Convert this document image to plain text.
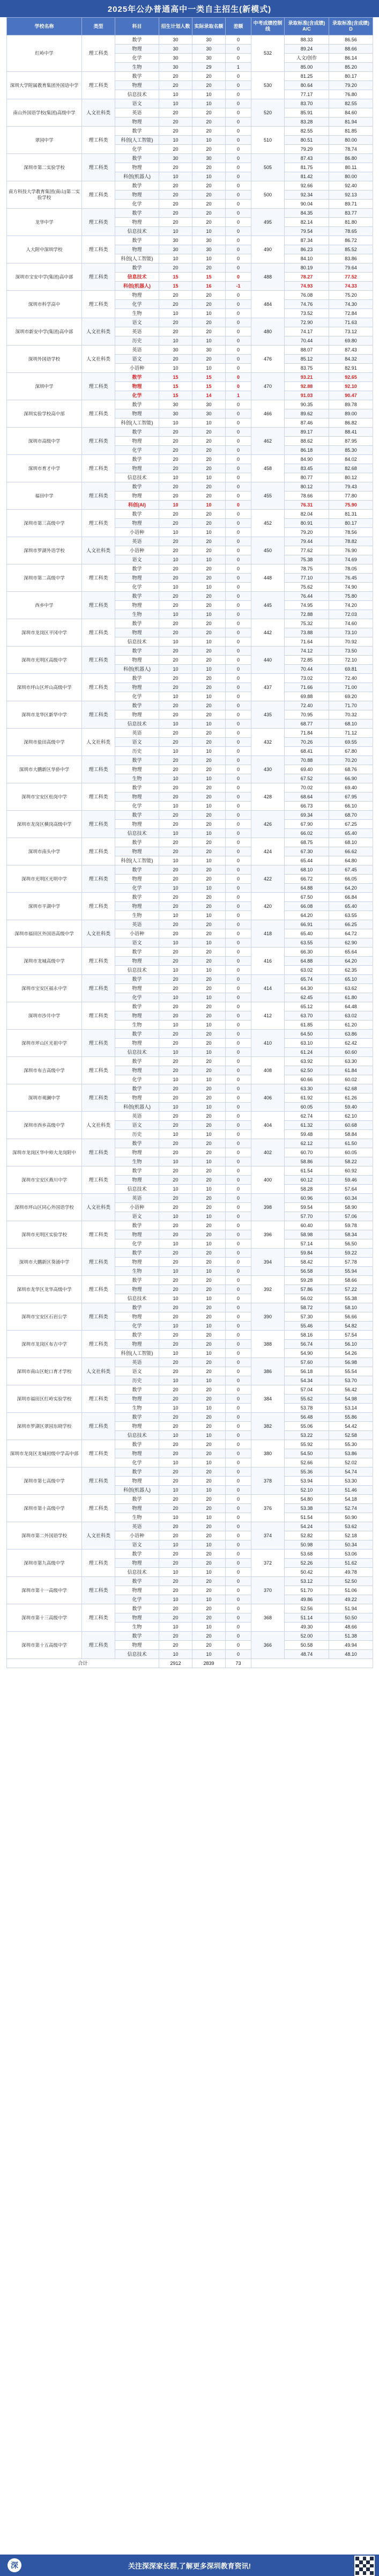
2025年公办普通高中一类自主招生(新模式)
学校名称	类型	科目	招生计划人数	实际录取名额	差额	中考成绩控制线	录取标准(含成绩) A/C	录取标准(含成绩) D
红岭中学	理工科类	数学	30	30	0	532	88.33	86.56
		物理	30	30	0		89.24	88.66
		化学	30	30	0		人文/创作	86.14
		生物	30	29	1		85.00	85.20
深圳大学附属教育集团外国语中学	理工科类	数学	20	20	0	530	81.25	80.17
		物理	20	20	0		80.64	79.20
		信息技术	10	10	0		77.17	76.80
南山外国语学校(集团)高级中学	人文社科类	语文	10	10	0	520	83.70	82.55
		英语	20	20	0		85.91	84.60
		物理	20	20	0		83.28	81.94
翠园中学	理工科类	数学	20	20	0	510	82.55	81.85
		科创(人工智能)	10	10	0		80.51	80.00
		化学	20	20	0		79.29	78.74
深圳市第二实验学校	理工科类	数学	30	30	0	505	87.43	86.80
		物理	20	20	0		81.75	80.11
		科创(机器人)	10	10	0		81.42	80.00
南方科技大学教育集团(南山)第二实验学校	理工科类	数学	20	20	0	500	92.66	92.40
		物理	20	20	0		92.34	92.13
		化学	20	20	0		90.04	89.71
龙华中学	理工科类	数学	20	20	0	495	84.35	83.77
		物理	20	20	0		82.14	81.80
		信息技术	10	10	0		79.54	78.65
人大附中深圳学校	理工科类	数学	30	30	0	490	87.34	86.72
		物理	30	30	0		86.23	85.52
		科创(人工智能)	10	10	0		84.10	83.86
深圳市宝安中学(集团)高中部	理工科类	数学	20	20	0	488	80.19	79.64
		信息技术	15	15	0		78.27	77.52
		科创(机器人)	15	16	-1		74.93	74.33
深圳市科学高中	理工科类	物理	20	20	0	484	76.08	75.20
		化学	20	20	0		74.76	74.30
		生物	10	10	0		73.52	72.84
深圳市新安中学(集团)高中部	人文社科类	语文	20	20	0	480	72.90	71.63
		英语	20	20	0		74.17	73.12
		历史	10	10	0		70.44	69.80
深圳外国语学校	人文社科类	英语	30	30	0	476	88.07	87.43
		语文	20	20	0		85.12	84.32
		小语种	10	10	0		83.75	82.91
深圳中学	理工科类	数学	15	15	0	470	93.21	92.65
		物理	15	15	0		92.88	92.10
		化学	15	14	1		91.03	90.47
深圳实验学校高中部	理工科类	数学	30	30	0	466	90.35	89.78
		物理	30	30	0		89.62	89.00
		科创(人工智能)	10	10	0		87.46	86.82
深圳市高级中学	理工科类	数学	20	20	0	462	89.17	88.41
		物理	20	20	0		88.62	87.95
		化学	20	20	0		86.18	85.30
深圳市育才中学	理工科类	数学	20	20	0	458	84.90	84.02
		物理	20	20	0		83.45	82.68
		信息技术	10	10	0		80.77	80.12
福田中学	理工科类	数学	20	20	0	455	80.12	79.43
		物理	20	20	0		78.66	77.80
		科创(AI)	10	10	0		76.31	75.90
深圳市第三高级中学	理工科类	数学	20	20	0	452	82.04	81.31
		物理	20	20	0		80.91	80.17
		小语种	10	10	0		79.20	78.56
深圳市罗湖外语学校	人文社科类	英语	20	20	0	450	79.44	78.82
		小语种	20	20	0		77.62	76.90
		语文	10	10	0		75.38	74.69
深圳市第二高级中学	理工科类	数学	20	20	0	448	78.75	78.05
		物理	20	20	0		77.10	76.45
		化学	10	10	0		75.62	74.90
西乡中学	理工科类	数学	20	20	0	445	76.44	75.80
		物理	20	20	0		74.95	74.20
		生物	10	10	0		72.88	72.03
深圳市龙岗区平冈中学	理工科类	数学	20	20	0	442	75.32	74.60
		物理	20	20	0		73.88	73.10
		信息技术	10	10	0		71.64	70.92
深圳市光明区高级中学	理工科类	数学	20	20	0	440	74.12	73.50
		物理	20	20	0		72.85	72.10
		科创(机器人)	10	10	0		70.44	69.81
深圳市坪山区坪山高级中学	理工科类	数学	20	20	0	437	73.02	72.40
		物理	20	20	0		71.66	71.00
		化学	10	10	0		69.88	69.20
深圳市龙华区新华中学	理工科类	数学	20	20	0	435	72.40	71.70
		物理	20	20	0		70.95	70.32
		信息技术	10	10	0		68.77	68.10
深圳市盐田高级中学	人文社科类	英语	20	20	0	432	71.84	71.12
		语文	20	20	0		70.26	69.55
		历史	10	10	0		68.41	67.80
深圳市大鹏新区华侨中学	理工科类	数学	20	20	0	430	70.88	70.20
		物理	20	20	0		69.40	68.76
		生物	10	10	0		67.52	66.90
深圳市宝安区松岗中学	理工科类	数学	20	20	0	428	70.02	69.40
		物理	20	20	0		68.64	67.95
		化学	10	10	0		66.73	66.10
深圳市龙岗区横岗高级中学	理工科类	数学	20	20	0	426	69.34	68.70
		物理	20	20	0		67.90	67.25
		信息技术	10	10	0		66.02	65.40
深圳市南头中学	理工科类	数学	20	20	0	424	68.75	68.10
		物理	20	20	0		67.30	66.62
		科创(人工智能)	10	10	0		65.44	64.80
深圳市光明区光明中学	理工科类	数学	20	20	0	422	68.10	67.45
		物理	20	20	0		66.72	66.05
		化学	10	10	0		64.88	64.20
深圳市平湖中学	理工科类	数学	20	20	0	420	67.50	66.84
		物理	20	20	0		66.08	65.40
		生物	10	10	0		64.20	63.55
深圳市福田区外国语高级中学	人文社科类	英语	20	20	0	418	66.91	66.25
		小语种	20	20	0		65.40	64.72
		语文	10	10	0		63.55	62.90
深圳市龙城高级中学	理工科类	数学	20	20	0	416	66.30	65.64
		物理	20	20	0		64.88	64.20
		信息技术	10	10	0		63.02	62.35
深圳市宝安区福永中学	理工科类	数学	20	20	0	414	65.74	65.10
		物理	20	20	0		64.30	63.62
		化学	10	10	0		62.45	61.80
深圳市沙井中学	理工科类	数学	20	20	0	412	65.12	64.48
		物理	20	20	0		63.70	63.02
		生物	10	10	0		61.85	61.20
深圳市坪山区光祖中学	理工科类	数学	20	20	0	410	64.50	63.86
		物理	20	20	0		63.10	62.42
		信息技术	10	10	0		61.24	60.60
深圳市布吉高级中学	理工科类	数学	20	20	0	408	63.92	63.30
		物理	20	20	0		62.50	61.84
		化学	10	10	0		60.66	60.02
深圳市观澜中学	理工科类	数学	20	20	0	406	63.30	62.68
		物理	20	20	0		61.92	61.26
		科创(机器人)	10	10	0		60.05	59.40
深圳市西乡高级中学	人文社科类	英语	20	20	0	404	62.74	62.10
		语文	20	20	0		61.32	60.68
		历史	10	10	0		59.48	58.84
深圳市龙岗区华中师大龙岗附中	理工科类	数学	20	20	0	402	62.12	61.50
		物理	20	20	0		60.70	60.05
		生物	10	10	0		58.86	58.22
深圳市宝安区燕川中学	理工科类	数学	20	20	0	400	61.54	60.92
		物理	20	20	0		60.12	59.46
		信息技术	10	10	0		58.28	57.64
深圳市坪山区同心外国语学校	人文社科类	英语	20	20	0	398	60.96	60.34
		小语种	20	20	0		59.54	58.90
		语文	10	10	0		57.70	57.06
深圳市光明区实验学校	理工科类	数学	20	20	0	396	60.40	59.78
		物理	20	20	0		58.98	58.34
		化学	10	10	0		57.14	56.50
深圳市大鹏新区葵涌中学	理工科类	数学	20	20	0	394	59.84	59.22
		物理	20	20	0		58.42	57.78
		生物	10	10	0		56.58	55.94
深圳市龙华区龙华高级中学	理工科类	数学	20	20	0	392	59.28	58.66
		物理	20	20	0		57.86	57.22
		信息技术	10	10	0		56.02	55.38
深圳市宝安区石岩公学	理工科类	数学	20	20	0	390	58.72	58.10
		物理	20	20	0		57.30	56.66
		化学	10	10	0		55.46	54.82
深圳市龙岗区布吉中学	理工科类	数学	20	20	0	388	58.16	57.54
		物理	20	20	0		56.74	56.10
		科创(人工智能)	10	10	0		54.90	54.26
深圳市南山区蛇口育才学校	人文社科类	英语	20	20	0	386	57.60	56.98
		语文	20	20	0		56.18	55.54
		历史	10	10	0		54.34	53.70
深圳市福田区红岭实验学校	理工科类	数学	20	20	0	384	57.04	56.42
		物理	20	20	0		55.62	54.98
		生物	10	10	0		53.78	53.14
深圳市罗湖区翠园东晓学校	理工科类	数学	20	20	0	382	56.48	55.86
		物理	20	20	0		55.06	54.42
		信息技术	10	10	0		53.22	52.58
深圳市龙岗区龙城初级中学高中部	理工科类	数学	20	20	0	380	55.92	55.30
		物理	20	20	0		54.50	53.86
		化学	10	10	0		52.66	52.02
深圳市第七高级中学	理工科类	数学	20	20	0	378	55.36	54.74
		物理	20	20	0		53.94	53.30
		科创(机器人)	10	10	0		52.10	51.46
深圳市第十高级中学	理工科类	数学	20	20	0	376	54.80	54.18
		物理	20	20	0		53.38	52.74
		生物	10	10	0		51.54	50.90
深圳市第二外国语学校	人文社科类	英语	20	20	0	374	54.24	53.62
		小语种	20	20	0		52.82	52.18
		语文	10	10	0		50.98	50.34
深圳市第九高级中学	理工科类	数学	20	20	0	372	53.68	53.06
		物理	20	20	0		52.26	51.62
		信息技术	10	10	0		50.42	49.78
深圳市第十一高级中学	理工科类	数学	20	20	0	370	53.12	52.50
		物理	20	20	0		51.70	51.06
		化学	10	10	0		49.86	49.22
深圳市第十三高级中学	理工科类	数学	20	20	0	368	52.56	51.94
		物理	20	20	0		51.14	50.50
		生物	10	10	0		49.30	48.66
深圳市第十五高级中学	理工科类	数学	20	20	0	366	52.00	51.38
		物理	20	20	0		50.58	49.94
		信息技术	10	10	0		48.74	48.10
合计			2912	2839	73			
关注深深家长群,了解更多深圳教育资讯!
深
